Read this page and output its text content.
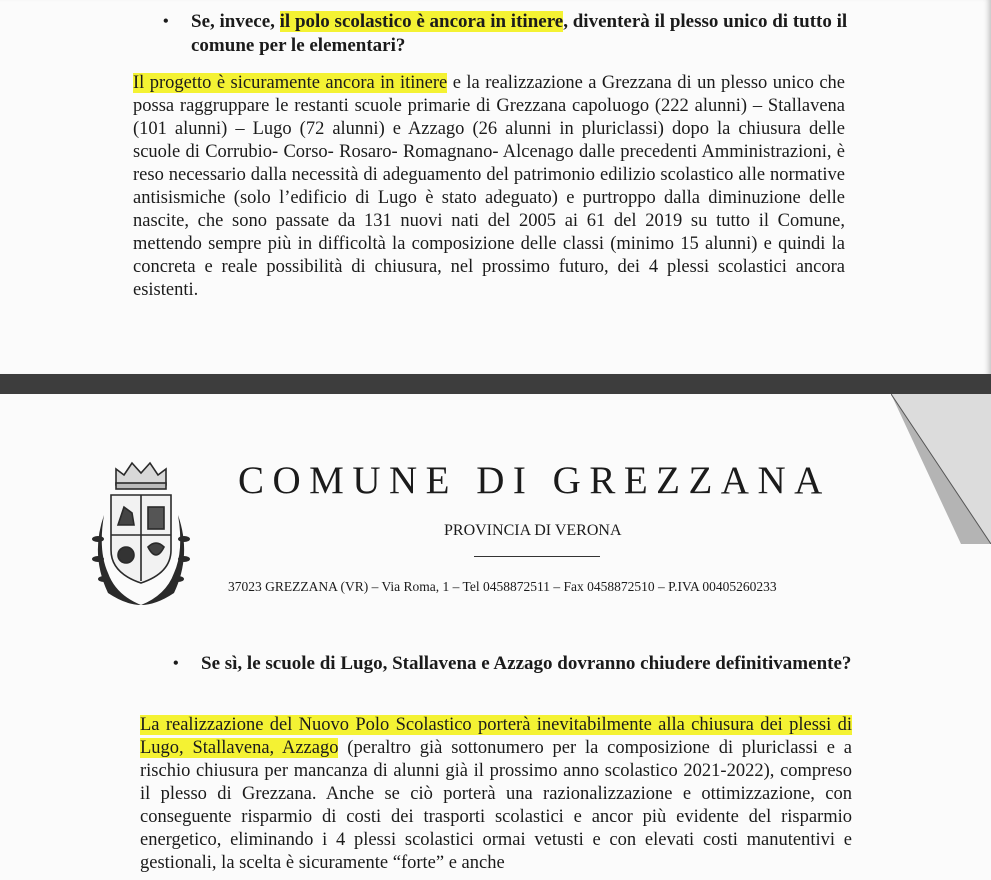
•	Se, invece, il polo scolastico è ancora in itinere, diventerà il plesso unico di tutto il comune per le elementari?
Il progetto è sicuramente ancora in itinere e la realizzazione a Grezzana di un plesso unico che possa raggruppare le restanti scuole primarie di Grezzana capoluogo (222 alunni) – Stallavena (101 alunni) – Lugo (72 alunni) e Azzago (26 alunni in pluriclassi) dopo la chiusura delle scuole di Corrubio- Corso- Rosaro- Romagnano- Alcenago dalle precedenti Amministrazioni, è reso necessario dalla necessità di adeguamento del patrimonio edilizio scolastico alle normative antisismiche (solo l’edificio di Lugo è stato adeguato) e purtroppo dalla diminuzione delle nascite, che sono passate da 131 nuovi nati del 2005 ai 61 del 2019 su tutto il Comune, mettendo sempre più in difficoltà la composizione delle classi (minimo 15 alunni) e quindi la concreta e reale possibilità di chiusura, nel prossimo futuro, dei 4 plessi scolastici ancora esistenti.
COMUNE DI GREZZANA
PROVINCIA DI VERONA
37023 GREZZANA (VR) – Via Roma, 1 – Tel 0458872511 – Fax 0458872510 – P.IVA 00405260233
•	Se sì, le scuole di Lugo, Stallavena e Azzago dovranno chiudere definitivamente?
La realizzazione del Nuovo Polo Scolastico porterà inevitabilmente alla chiusura dei plessi di Lugo, Stallavena, Azzago (peraltro già sottonumero per la composizione di pluriclassi e a rischio chiusura per mancanza di alunni già il prossimo anno scolastico 2021-2022), compreso il plesso di Grezzana. Anche se ciò porterà una razionalizzazione e ottimizzazione, con conseguente risparmio di costi dei trasporti scolastici e ancor più evidente del risparmio energetico, eliminando i 4 plessi scolastici ormai vetusti e con elevati costi manutentivi e gestionali, la scelta è sicuramente “forte” e anche
